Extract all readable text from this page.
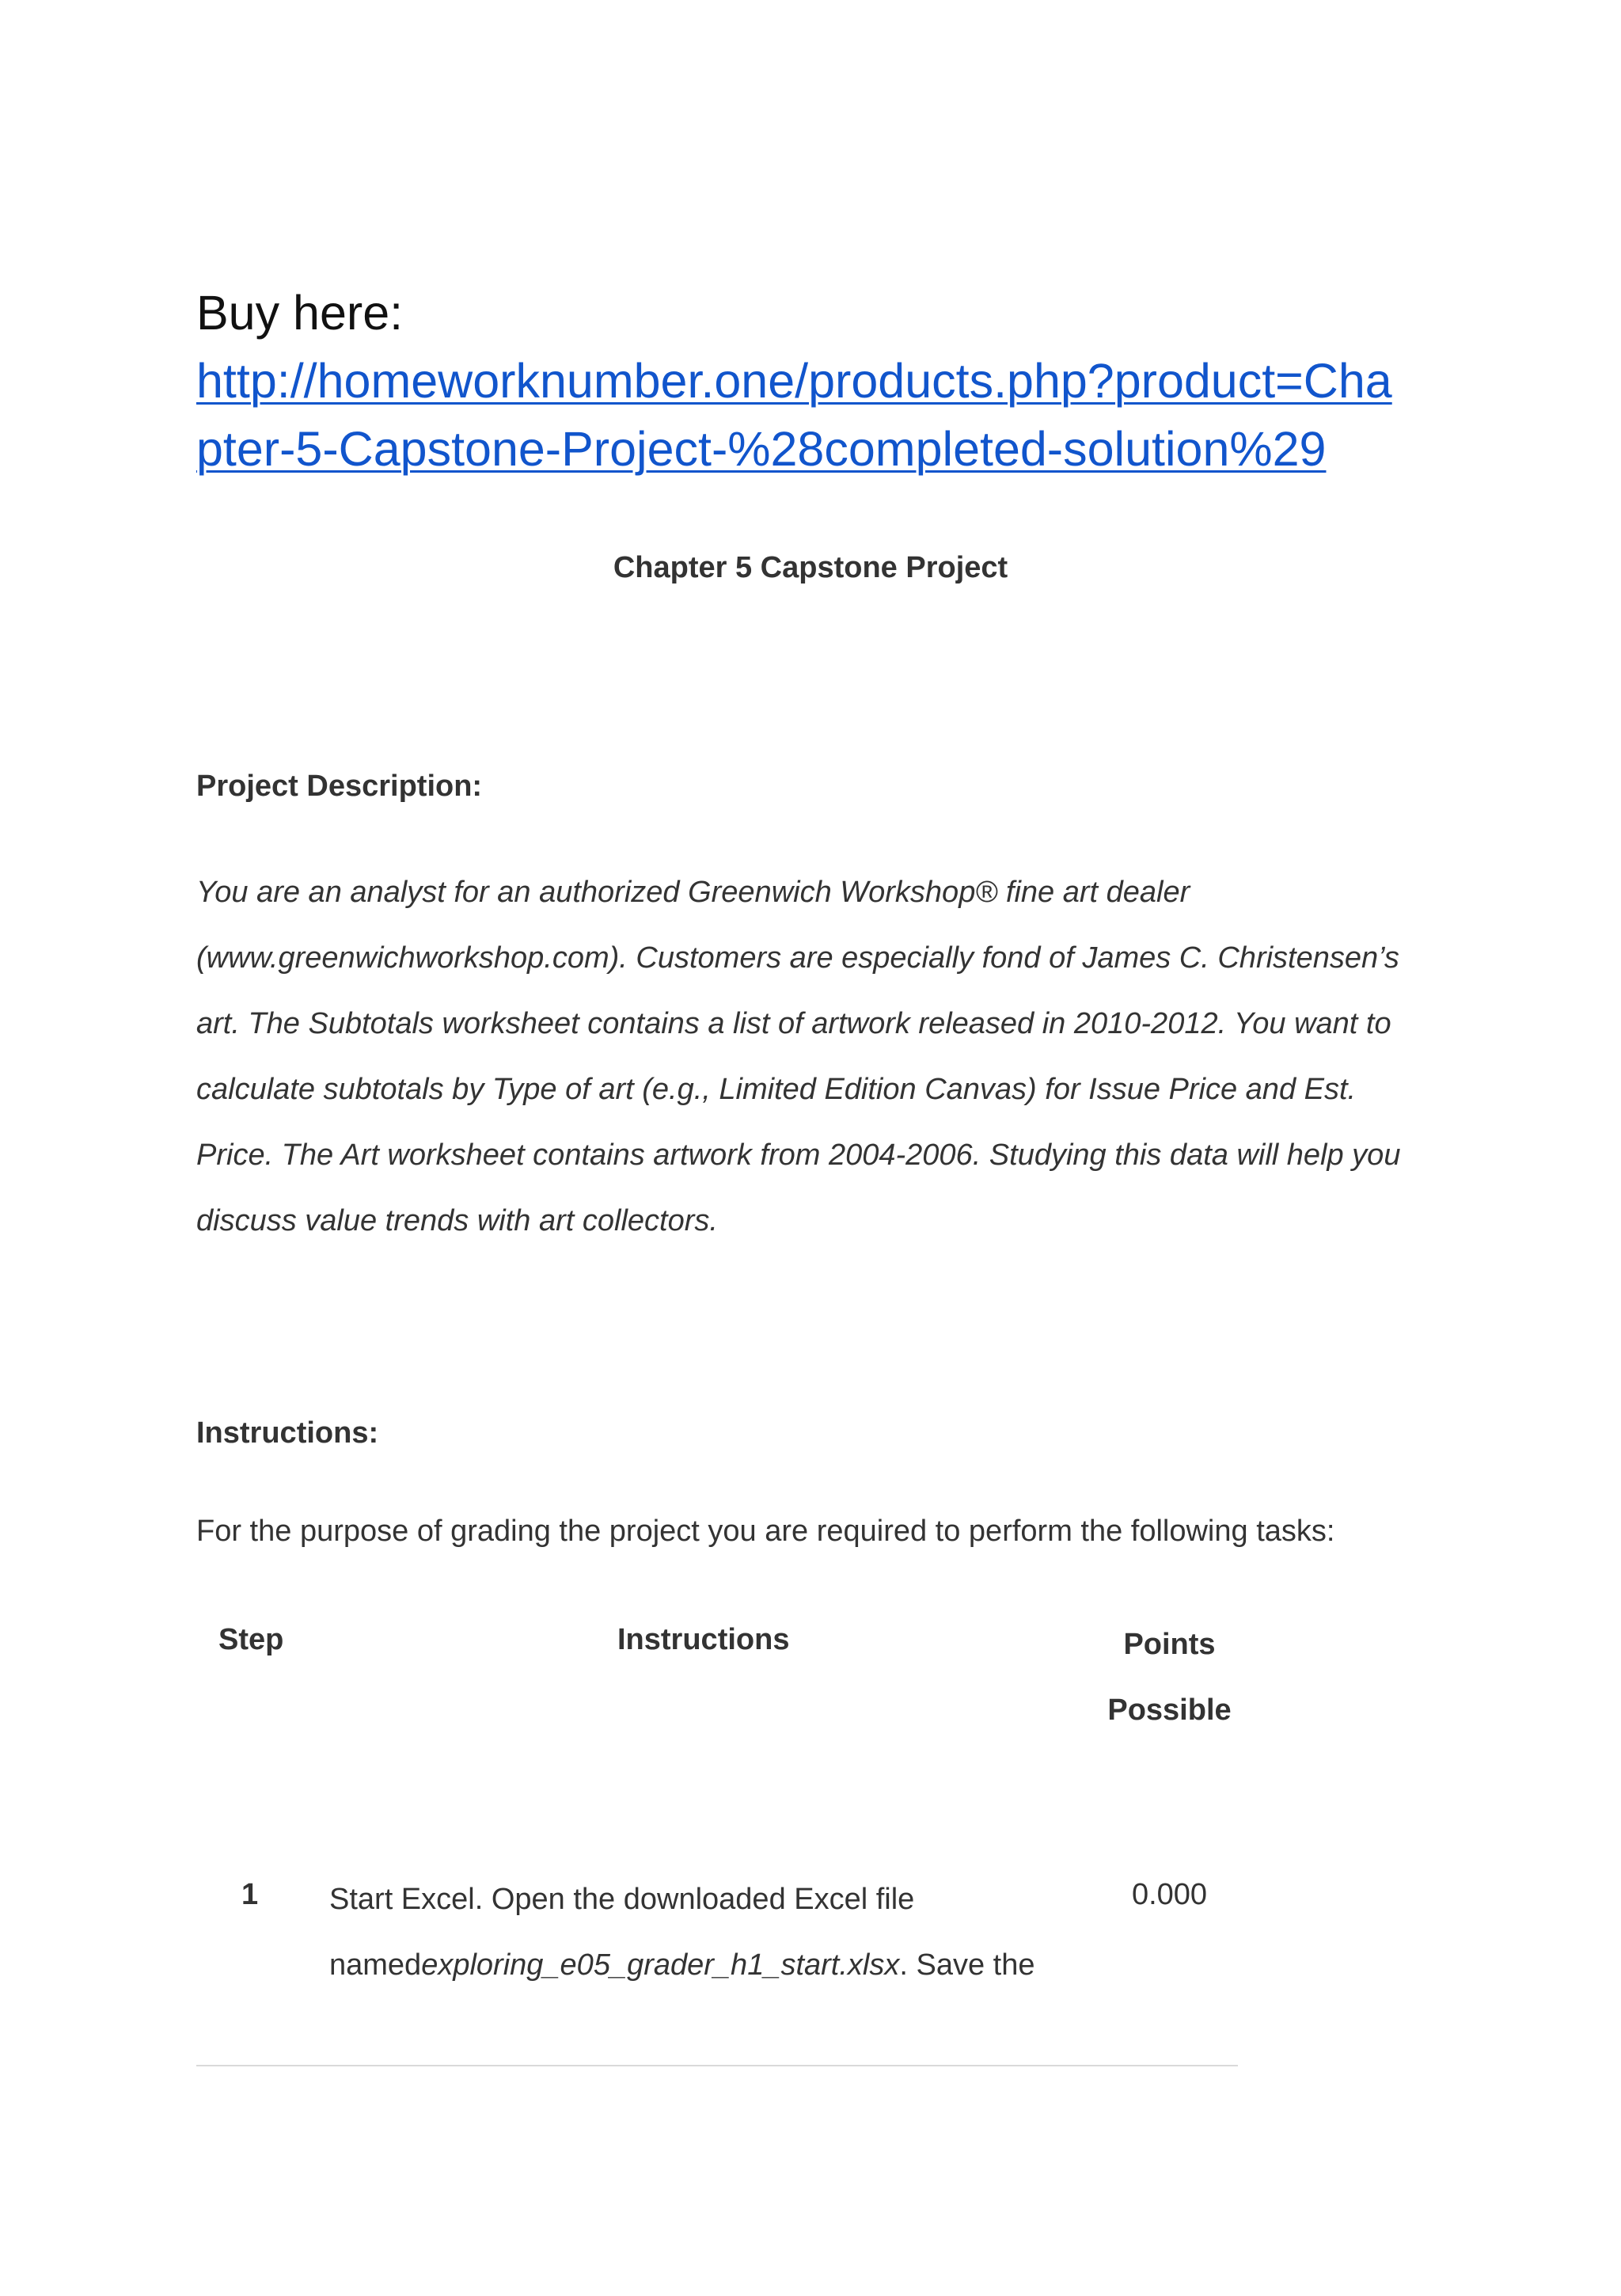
Buy here:
http://homeworknumber.one/products.php?product=Cha
pter-5-Capstone-Project-%28completed-solution%29
Chapter 5 Capstone Project
Project Description:
You are an analyst for an authorized Greenwich Workshop® fine art dealer
(www.greenwichworkshop.com). Customers are especially fond of James C. Christensen’s
art. The Subtotals worksheet contains a list of artwork released in 2010-2012. You want to
calculate subtotals by Type of art (e.g., Limited Edition Canvas) for Issue Price and Est.
Price. The Art worksheet contains artwork from 2004-2006. Studying this data will help you
discuss value trends with art collectors.
Instructions:
For the purpose of grading the project you are required to perform the following tasks:
Step	Instructions	Points
Possible
1 Start Excel. Open the downloaded Excel file
namedexploring_e05_grader_h1_start.xlsx. Save the
0.000
